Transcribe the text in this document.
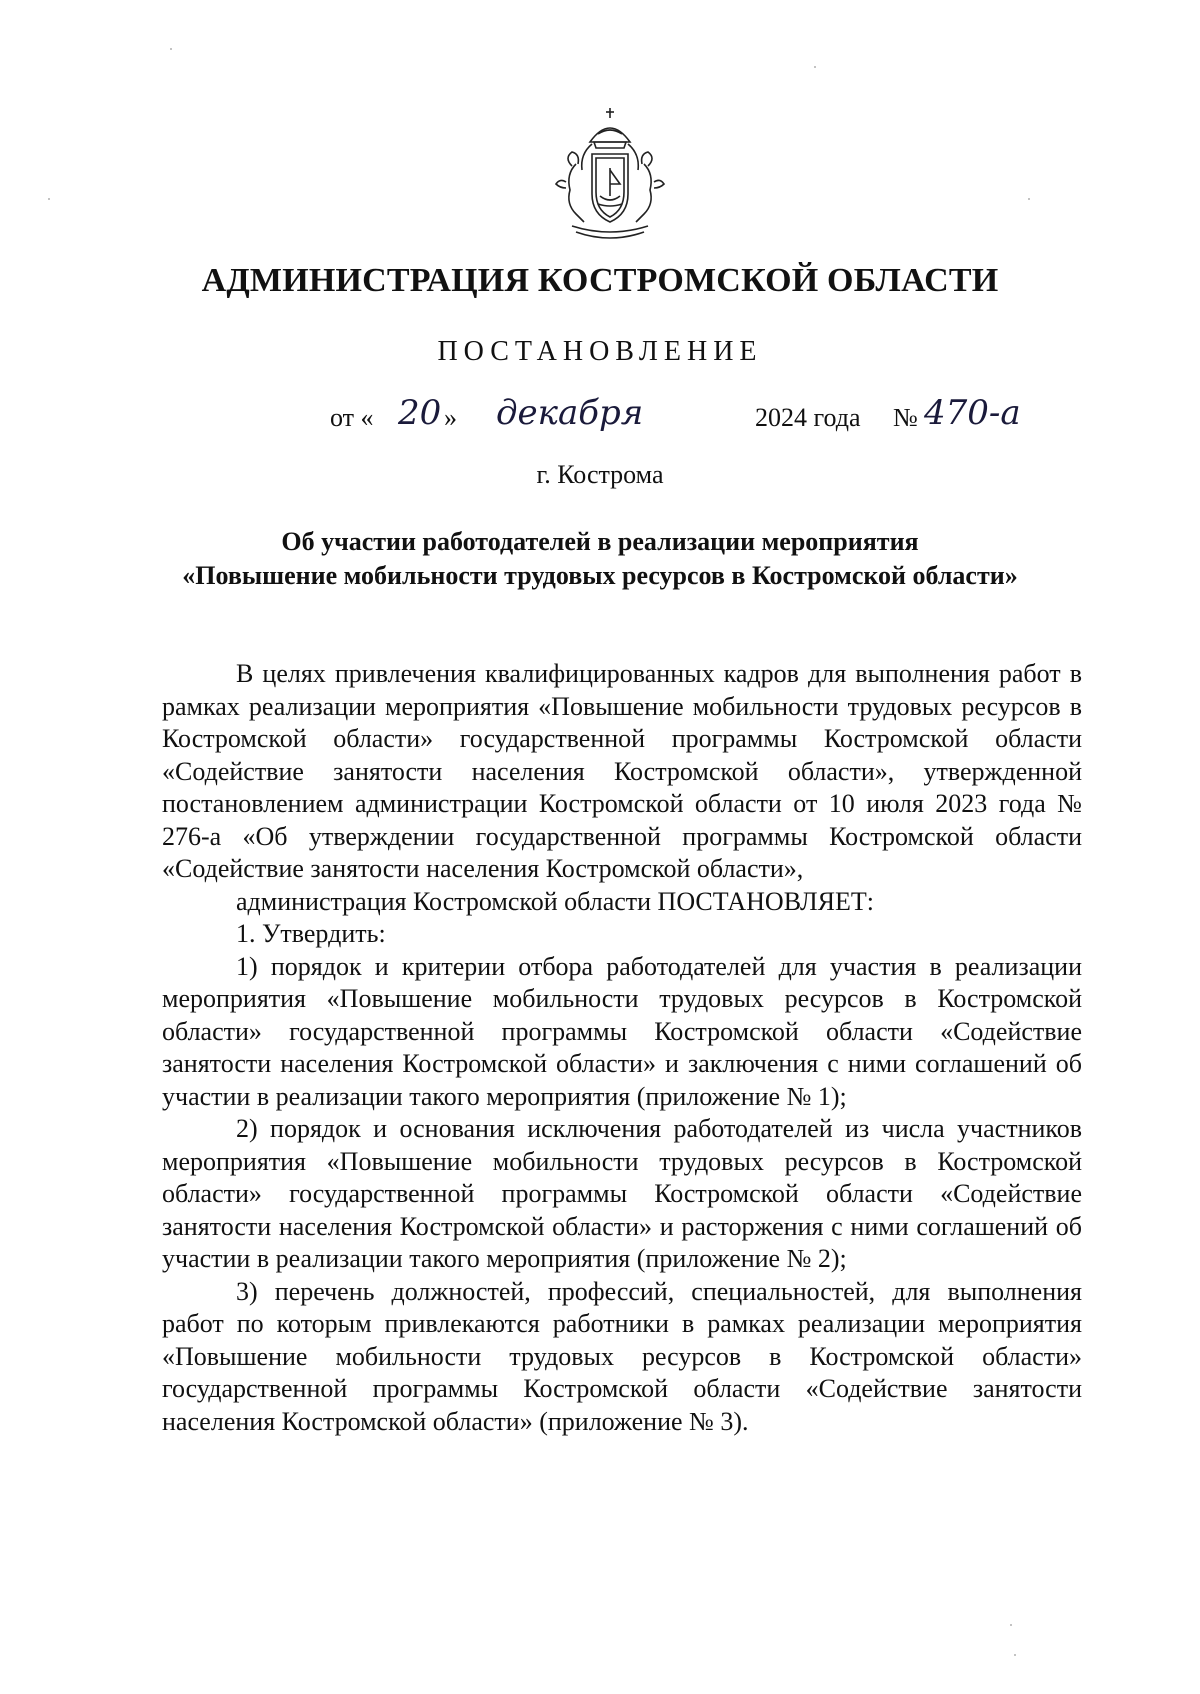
АДМИНИСТРАЦИЯ КОСТРОМСКОЙ ОБЛАСТИ
ПОСТАНОВЛЕНИЕ
от « 20 » декабря	2024 года № 470-а
г. Кострома
Об участии работодателей в реализации мероприятия
«Повышение мобильности трудовых ресурсов в Костромской области»

В целях привлечения квалифицированных кадров для выполнения работ в рамках реализации мероприятия «Повышение мобильности трудовых ресурсов в Костромской области» государственной программы Костромской области «Содействие занятости населения Костромской области», утвержденной постановлением администрации Костромской области от 10 июля 2023 года № 276-а «Об утверждении государственной программы Костромской области «Содействие занятости населения Костромской области»,

администрация Костромской области ПОСТАНОВЛЯЕТ:

1. Утвердить:

1) порядок и критерии отбора работодателей для участия в реализации мероприятия «Повышение мобильности трудовых ресурсов в Костромской области» государственной программы Костромской области «Содействие занятости населения Костромской области» и заключения с ними соглашений об участии в реализации такого мероприятия (приложение № 1);

2) порядок и основания исключения работодателей из числа участников мероприятия «Повышение мобильности трудовых ресурсов в Костромской области» государственной программы Костромской области «Содействие занятости населения Костромской области» и расторжения с ними соглашений об участии в реализации такого мероприятия (приложение № 2);

3) перечень должностей, профессий, специальностей, для выполнения работ по которым привлекаются работники в рамках реализации мероприятия «Повышение мобильности трудовых ресурсов в Костромской области» государственной программы Костромской области «Содействие занятости населения Костромской области» (приложение № 3).
